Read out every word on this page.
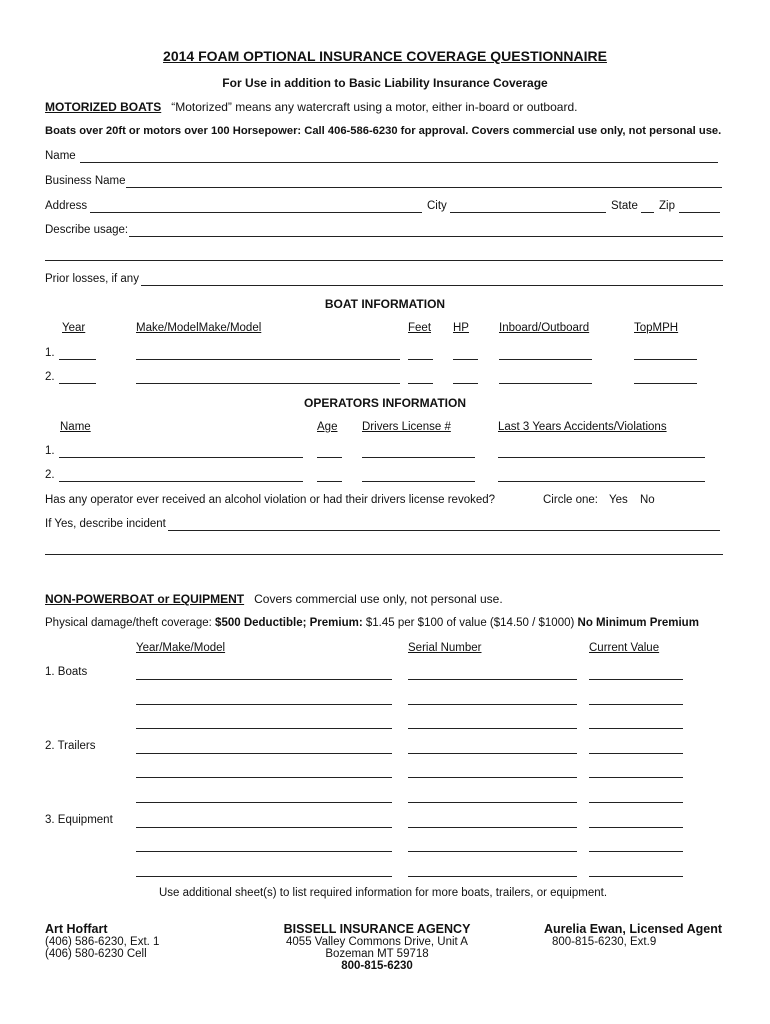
2014 FOAM OPTIONAL INSURANCE COVERAGE QUESTIONNAIRE
For Use in addition to Basic Liability Insurance Coverage
MOTORIZED BOATS “Motorized” means any watercraft using a motor, either in-board or outboard.
Boats over 20ft or motors over 100 Horsepower: Call 406-586-6230 for approval. Covers commercial use only, not personal use.
Name
Business Name
Address	City	State Zip
Describe usage:
Prior losses, if any
BOAT INFORMATION
Year	Make/ModelMake/Model	Feet HP	Inboard/Outboard	TopMPH
1.
2.
OPERATORS INFORMATION
Name	Age Drivers License #	Last 3 Years Accidents/Violations
1.
2.
Has any operator ever received an alcohol violation or had their drivers license revoked?	Circle one: Yes No
If Yes, describe incident
NON-POWERBOAT or EQUIPMENT Covers commercial use only, not personal use.
Physical damage/theft coverage: $500 Deductible; Premium: $1.45 per $100 of value ($14.50 / $1000) No Minimum Premium
Year/Make/Model	Serial Number	Current Value
1. Boats
2. Trailers
3. Equipment
Use additional sheet(s) to list required information for more boats, trailers, or equipment.
Art Hoffart
(406) 586-6230, Ext. 1
(406) 580-6230 Cell
BISSELL INSURANCE AGENCY
4055 Valley Commons Drive, Unit A
Bozeman MT 59718
800-815-6230
Aurelia Ewan, Licensed Agent
800-815-6230, Ext.9
